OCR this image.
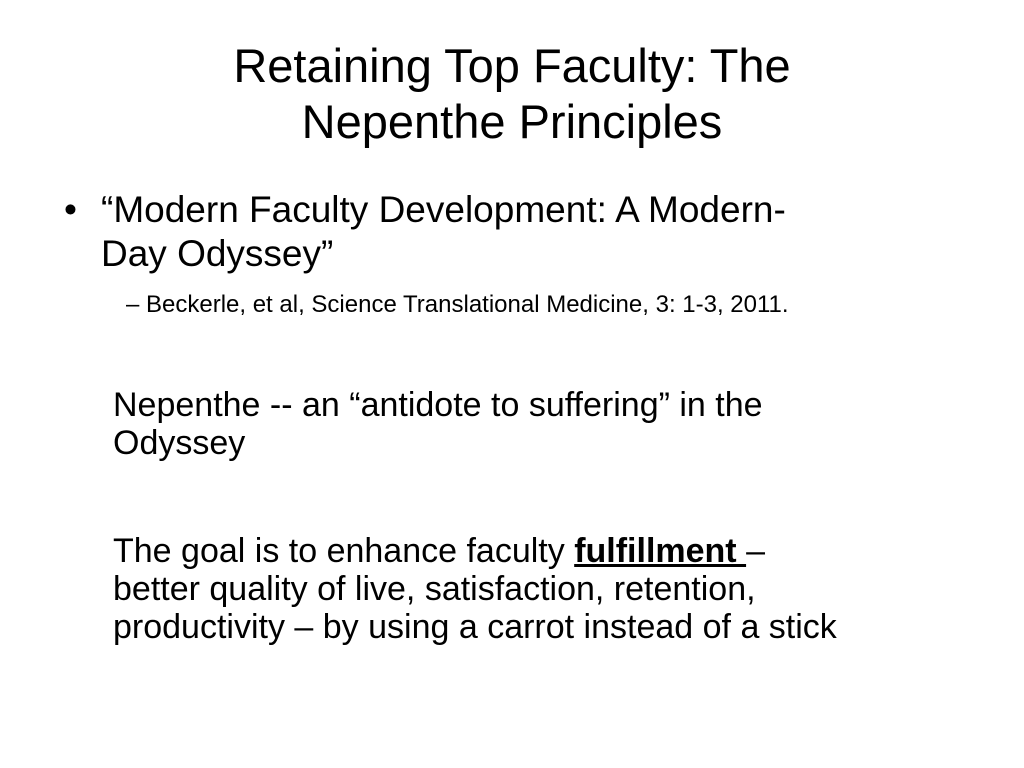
Retaining Top Faculty: The
Nepenthe Principles
• “Modern Faculty Development: A Modern-
Day Odyssey”
– Beckerle, et al, Science Translational Medicine, 3: 1-3, 2011.
Nepenthe -- an “antidote to suffering” in the
Odyssey
The goal is to enhance faculty fulfillment –
better quality of live, satisfaction, retention,
productivity – by using a carrot instead of a stick
